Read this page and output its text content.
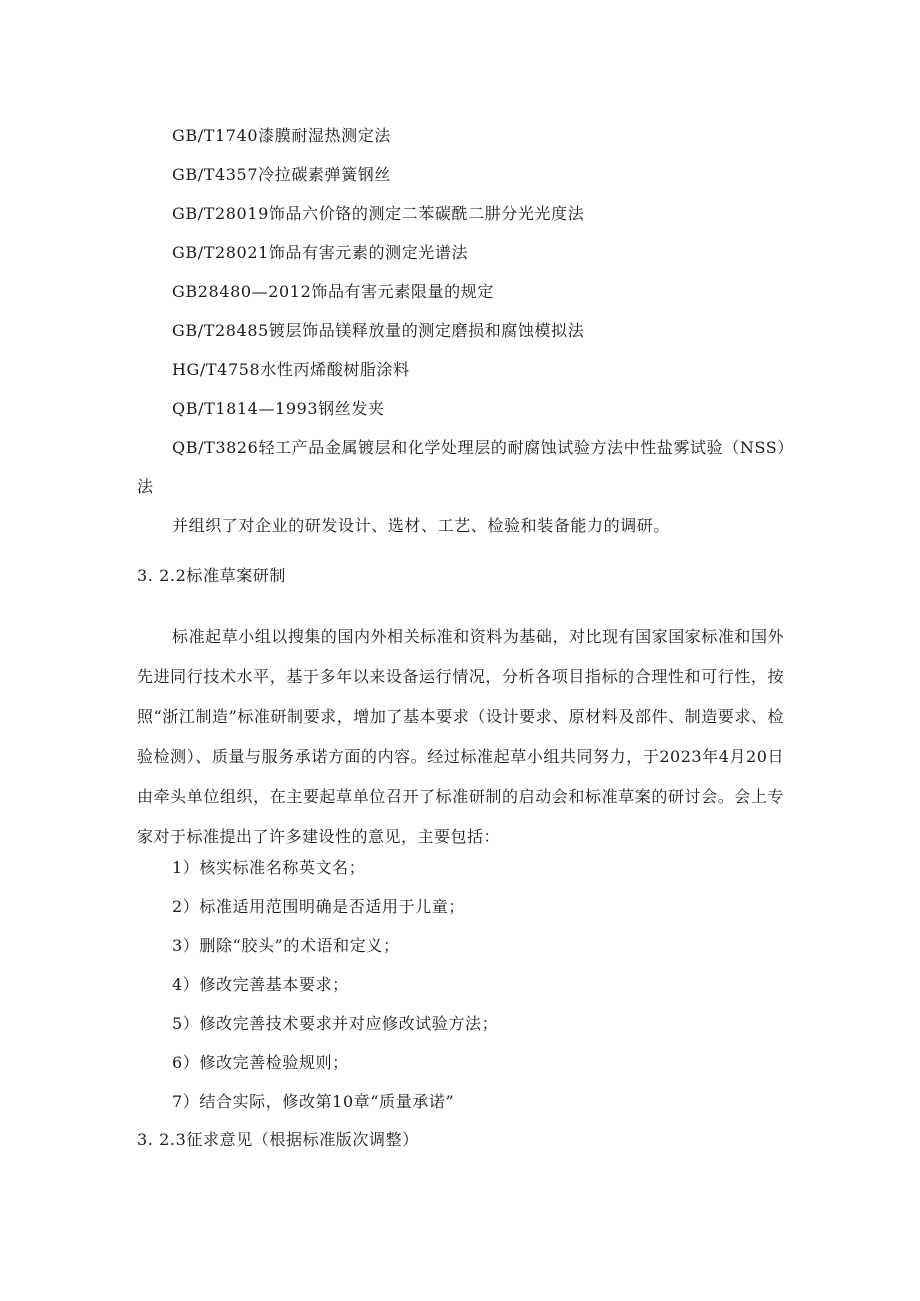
GB/T1740漆膜耐湿热测定法
GB/T4357冷拉碳素弹簧钢丝
GB/T28019饰品六价铬的测定二苯碳酰二肼分光光度法
GB/T28021饰品有害元素的测定光谱法
GB28480—2012饰品有害元素限量的规定
GB/T28485镀层饰品镁释放量的测定磨损和腐蚀模拟法
HG/T4758水性丙烯酸树脂涂料
QB/T1814—1993钢丝发夹
QB/T3826轻工产品金属镀层和化学处理层的耐腐蚀试验方法中性盐雾试验（NSS）
法
并组织了对企业的研发设计、选材、工艺、检验和装备能力的调研。
3. 2.2标准草案研制
标准起草小组以搜集的国内外相关标准和资料为基础，对比现有国家国家标准和国外先进同行技术水平，基于多年以来设备运行情况，分析各项目指标的合理性和可行性，按照“浙江制造”标准研制要求，增加了基本要求（设计要求、原材料及部件、制造要求、检验检测）、质量与服务承诺方面的内容。经过标准起草小组共同努力，于2023年4月20日由牵头单位组织，在主要起草单位召开了标准研制的启动会和标准草案的研讨会。会上专家对于标准提出了许多建设性的意见，主要包括：
1）核实标准名称英文名；
2）标准适用范围明确是否适用于儿童；
3）删除“胶头”的术语和定义；
4）修改完善基本要求；
5）修改完善技术要求并对应修改试验方法；
6）修改完善检验规则；
7）结合实际，修改第10章“质量承诺”
3. 2.3征求意见（根据标准版次调整）
